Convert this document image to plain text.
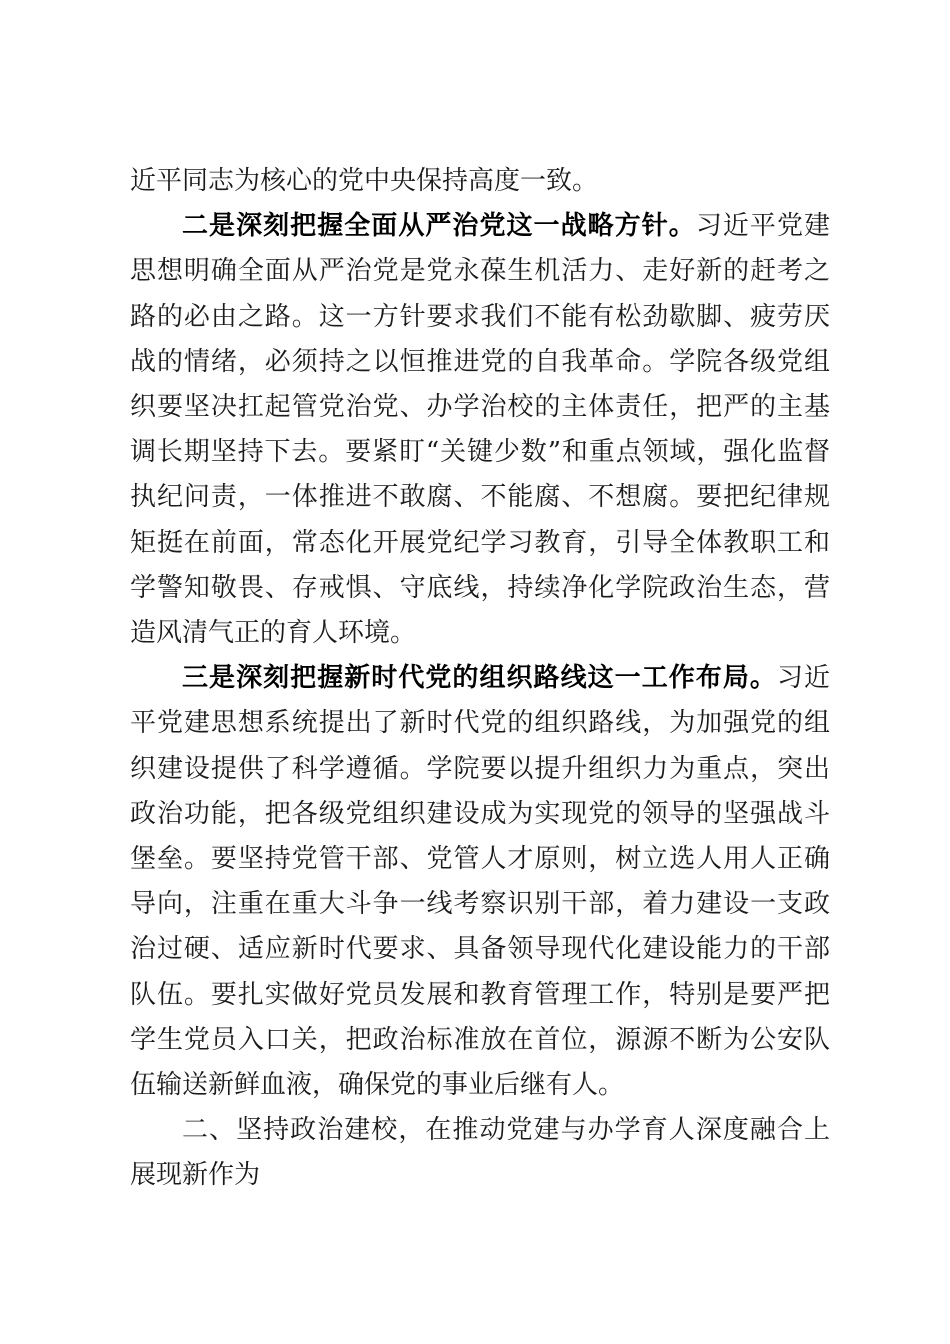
近平同志为核心的党中央保持高度一致。

二是深刻把握全面从严治党这一战略方针。习近平党建思想明确全面从严治党是党永葆生机活力、走好新的赶考之路的必由之路。这一方针要求我们不能有松劲歇脚、疲劳厌战的情绪，必须持之以恒推进党的自我革命。学院各级党组织要坚决扛起管党治党、办学治校的主体责任，把严的主基调长期坚持下去。要紧盯“关键少数”和重点领域，强化监督执纪问责，一体推进不敢腐、不能腐、不想腐。要把纪律规矩挺在前面，常态化开展党纪学习教育，引导全体教职工和学警知敬畏、存戒惧、守底线，持续净化学院政治生态，营造风清气正的育人环境。

三是深刻把握新时代党的组织路线这一工作布局。习近平党建思想系统提出了新时代党的组织路线，为加强党的组织建设提供了科学遵循。学院要以提升组织力为重点，突出政治功能，把各级党组织建设成为实现党的领导的坚强战斗堡垒。要坚持党管干部、党管人才原则，树立选人用人正确导向，注重在重大斗争一线考察识别干部，着力建设一支政治过硬、适应新时代要求、具备领导现代化建设能力的干部队伍。要扎实做好党员发展和教育管理工作，特别是要严把学生党员入口关，把政治标准放在首位，源源不断为公安队伍输送新鲜血液，确保党的事业后继有人。

二、坚持政治建校，在推动党建与办学育人深度融合上展现新作为
